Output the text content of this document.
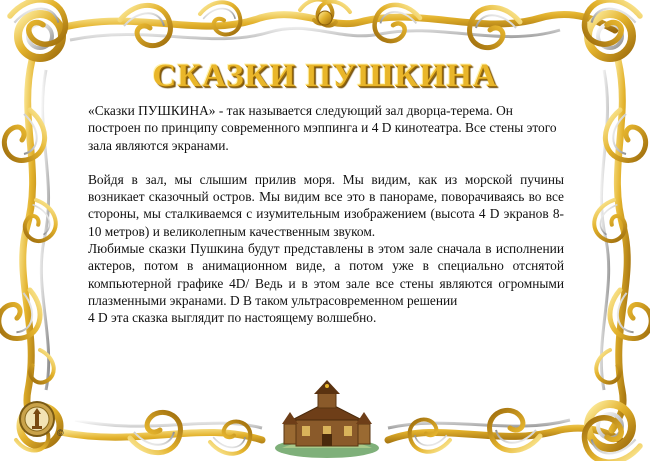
СКАЗКИ ПУШКИНА

«Сказки ПУШКИНА» - так называется следующий зал дворца-терема. Он построен по принципу современного мэппинга и 4 D кинотеатра. Все стены этого зала являются экранами.

Войдя в зал, мы слышим прилив моря. Мы видим, как из морской пучины возникает сказочный остров. Мы видим все это в панораме, поворачиваясь во все стороны, мы сталкиваемся с изумительным изображением (высота 4 D экранов 8-10 метров) и великолепным качественным звуком.

Любимые сказки Пушкина будут представлены в этом зале сначала в исполнении актеров, потом в анимационном виде, а потом уже в специально отснятой компьютерной графике 4D/ Ведь и в этом зале все стены являются огромными плазменными экранами. D В таком ультрасовременном решении

4 D эта сказка выглядит по настоящему волшебно.

©
